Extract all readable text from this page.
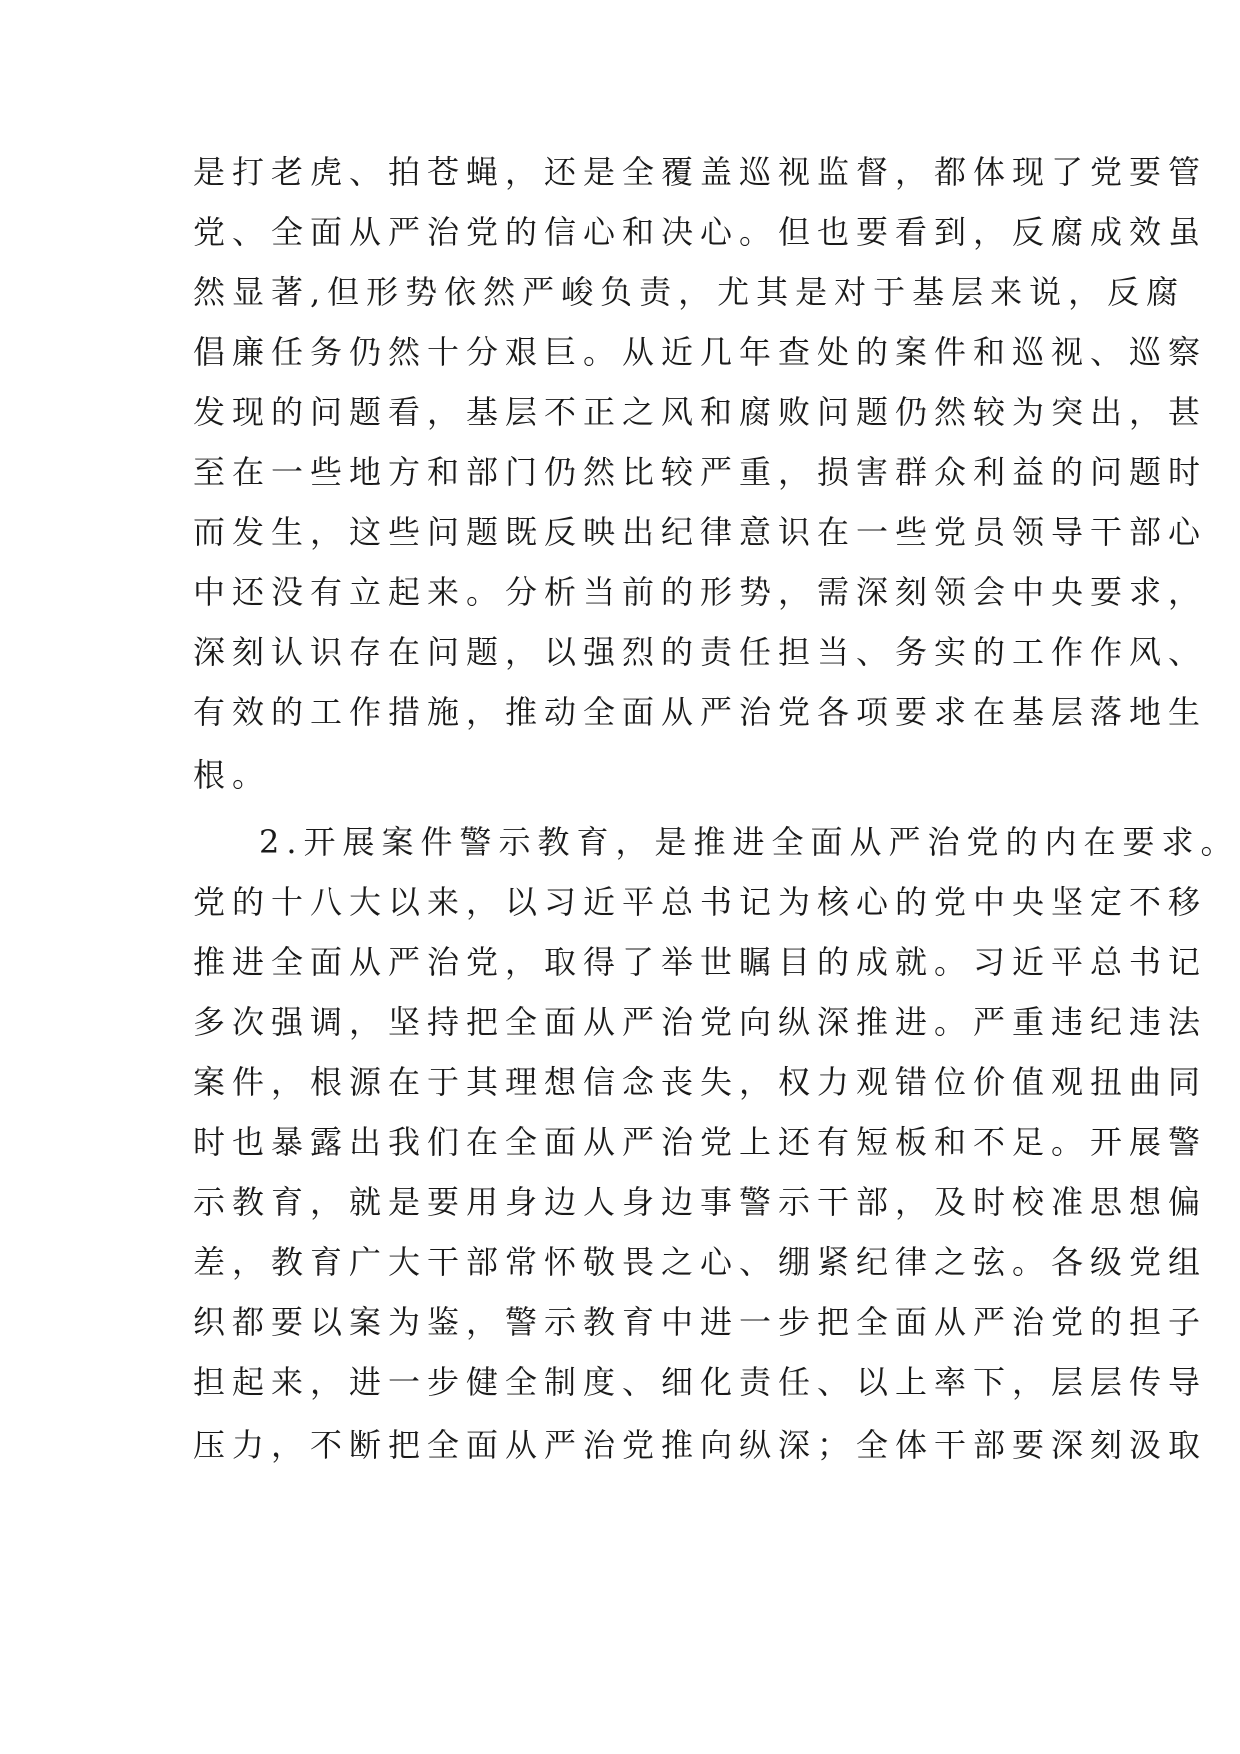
是打老虎、拍苍蝇，还是全覆盖巡视监督，都体现了党要管
党、全面从严治党的信心和决心。但也要看到，反腐成效虽
然显著,但形势依然严峻负责，尤其是对于基层来说，反腐
倡廉任务仍然十分艰巨。从近几年查处的案件和巡视、巡察
发现的问题看，基层不正之风和腐败问题仍然较为突出，甚
至在一些地方和部门仍然比较严重，损害群众利益的问题时
而发生，这些问题既反映出纪律意识在一些党员领导干部心
中还没有立起来。分析当前的形势，需深刻领会中央要求，
深刻认识存在问题，以强烈的责任担当、务实的工作作风、
有效的工作措施，推动全面从严治党各项要求在基层落地生
根。
2.开展案件警示教育，是推进全面从严治党的内在要求。
党的十八大以来，以习近平总书记为核心的党中央坚定不移
推进全面从严治党，取得了举世瞩目的成就。习近平总书记
多次强调，坚持把全面从严治党向纵深推进。严重违纪违法
案件，根源在于其理想信念丧失，权力观错位价值观扭曲同
时也暴露出我们在全面从严治党上还有短板和不足。开展警
示教育，就是要用身边人身边事警示干部，及时校准思想偏
差，教育广大干部常怀敬畏之心、绷紧纪律之弦。各级党组
织都要以案为鉴，警示教育中进一步把全面从严治党的担子
担起来，进一步健全制度、细化责任、以上率下，层层传导
压力，不断把全面从严治党推向纵深；全体干部要深刻汲取
